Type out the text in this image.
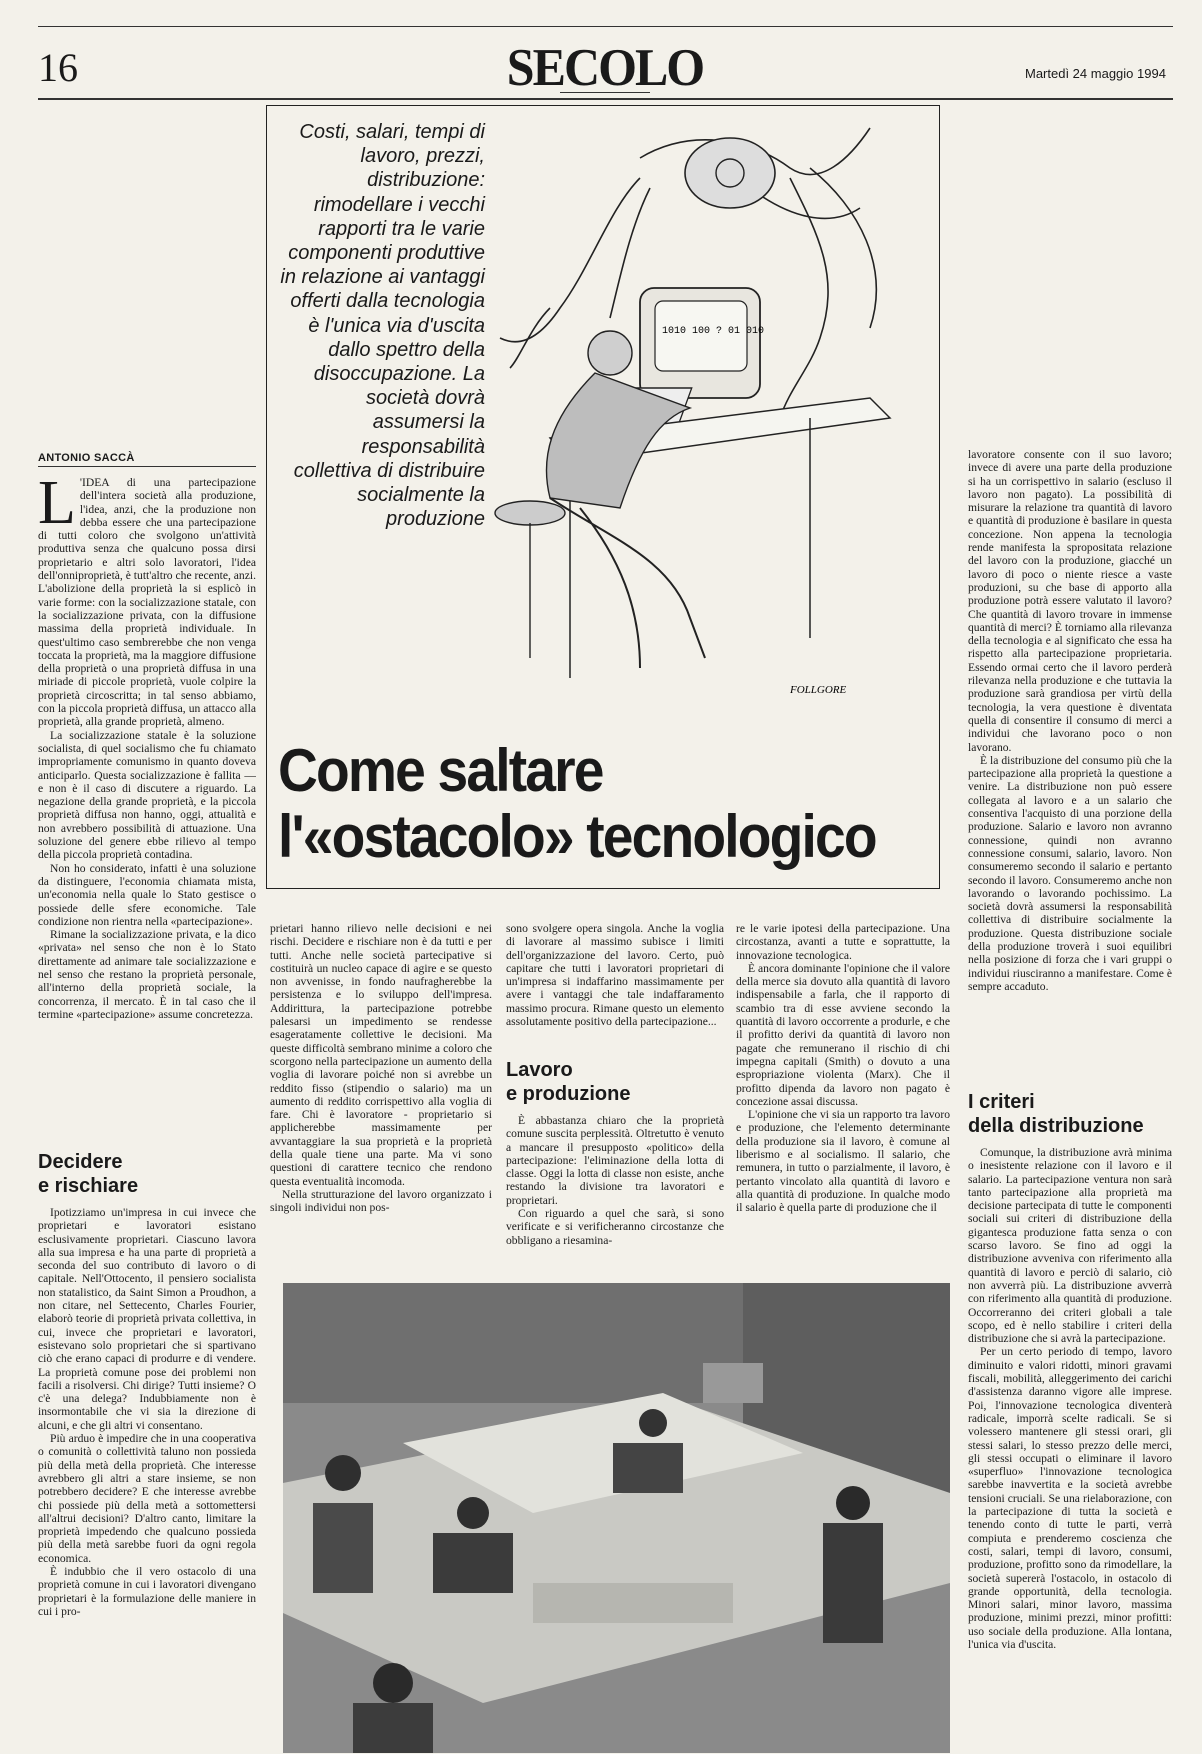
16	SECOLO	Martedì 24 maggio 1994
Costi, salari, tempi di lavoro, prezzi, distribuzione: rimodellare i vecchi rapporti tra le varie componenti produttive in relazione ai vantaggi offerti dalla tecnologia è l'unica via d'uscita dallo spettro della disoccupazione. La società dovrà assumersi la responsabilità collettiva di distribuire socialmente la produzione
1010 100 ? 01 010
FOLLGORE
Come saltare
l'«ostacolo» tecnologico
ANTONIO SACCÀ

L 'IDEA di una partecipazione dell'intera società alla produzione, l'idea, anzi, che la produzione non debba essere che una partecipazione di tutti coloro che svolgono un'attività produttiva senza che qualcuno possa dirsi proprietario e altri solo lavoratori, l'idea dell'onniproprietà, è tutt'altro che recente, anzi. L'abolizione della proprietà la si esplicò in varie forme: con la socializzazione statale, con la socializzazione privata, con la diffusione massima della proprietà individuale. In quest'ultimo caso sembrerebbe che non venga toccata la proprietà, ma la maggiore diffusione della proprietà o una proprietà diffusa in una miriade di piccole proprietà, vuole colpire la proprietà circoscritta; in tal senso abbiamo, con la piccola proprietà diffusa, un attacco alla proprietà, alla grande proprietà, almeno.

La socializzazione statale è la soluzione socialista, di quel socialismo che fu chiamato impropriamente comunismo in quanto doveva anticiparlo. Questa socializzazione è fallita — e non è il caso di discutere a riguardo. La negazione della grande proprietà, e la piccola proprietà diffusa non hanno, oggi, attualità e non avrebbero possibilità di attuazione. Una soluzione del genere ebbe rilievo al tempo della piccola proprietà contadina.

Non ho considerato, infatti è una soluzione da distinguere, l'economia chiamata mista, un'economia nella quale lo Stato gestisce o possiede delle sfere economiche. Tale condizione non rientra nella «partecipazione».

Rimane la socializzazione privata, e la dico «privata» nel senso che non è lo Stato direttamente ad animare tale socializzazione e nel senso che restano la proprietà personale, all'interno della proprietà sociale, la concorrenza, il mercato. È in tal caso che il termine «partecipazione» assume concretezza.

Decidere
e rischiare

Ipotizziamo un'impresa in cui invece che proprietari e lavoratori esistano esclusivamente proprietari. Ciascuno lavora alla sua impresa e ha una parte di proprietà a seconda del suo contributo di lavoro o di capitale. Nell'Ottocento, il pensiero socialista non statalistico, da Saint Simon a Proudhon, a non citare, nel Settecento, Charles Fourier, elaborò teorie di proprietà privata collettiva, in cui, invece che proprietari e lavoratori, esistevano solo proprietari che si spartivano ciò che erano capaci di produrre e di vendere. La proprietà comune pose dei problemi non facili a risolversi. Chi dirige? Tutti insieme? O c'è una delega? Indubbiamente non è insormontabile che vi sia la direzione di alcuni, e che gli altri vi consentano.

Più arduo è impedire che in una cooperativa o comunità o collettività taluno non possieda più della metà della proprietà. Che interesse avrebbero gli altri a stare insieme, se non potrebbero decidere? E che interesse avrebbe chi possiede più della metà a sottomettersi all'altrui decisioni? D'altro canto, limitare la proprietà impedendo che qualcuno possieda più della metà sarebbe fuori da ogni regola economica.

È indubbio che il vero ostacolo di una proprietà comune in cui i lavoratori divengano proprietari è la formulazione delle maniere in cui i pro-

prietari hanno rilievo nelle decisioni e nei rischi. Decidere e rischiare non è da tutti e per tutti. Anche nelle società partecipative si costituirà un nucleo capace di agire e se questo non avvenisse, in fondo naufragherebbe la persistenza e lo sviluppo dell'impresa. Addirittura, la partecipazione potrebbe palesarsi un impedimento se rendesse esageratamente collettive le decisioni. Ma queste difficoltà sembrano minime a coloro che scorgono nella partecipazione un aumento della voglia di lavorare poiché non si avrebbe un reddito fisso (stipendio o salario) ma un aumento di reddito corrispettivo alla voglia di fare. Chi è lavoratore - proprietario si applicherebbe massimamente per avvantaggiare la sua proprietà e la proprietà della quale tiene una parte. Ma vi sono questioni di carattere tecnico che rendono questa eventualità incomoda.

Nella strutturazione del lavoro organizzato i singoli individui non pos-

sono svolgere opera singola. Anche la voglia di lavorare al massimo subisce i limiti dell'organizzazione del lavoro. Certo, può capitare che tutti i lavoratori proprietari di un'impresa si indaffarino massimamente per avere i vantaggi che tale indaffaramento massimo procura. Rimane questo un elemento assolutamente positivo della partecipazione...

Lavoro
e produzione

È abbastanza chiaro che la proprietà comune suscita perplessità. Oltretutto è venuto a mancare il presupposto «politico» della partecipazione: l'eliminazione della lotta di classe. Oggi la lotta di classe non esiste, anche restando la divisione tra lavoratori e proprietari.

Con riguardo a quel che sarà, si sono verificate e si verificheranno circostanze che obbligano a riesamina-

re le varie ipotesi della partecipazione. Una circostanza, avanti a tutte e soprattutte, la innovazione tecnologica.

È ancora dominante l'opinione che il valore della merce sia dovuto alla quantità di lavoro indispensabile a farla, che il rapporto di scambio tra di esse avviene secondo la quantità di lavoro occorrente a produrle, e che il profitto derivi da quantità di lavoro non pagate che remunerano il rischio di chi impegna capitali (Smith) o dovuto a una espropriazione violenta (Marx). Che il profitto dipenda da lavoro non pagato è concezione assai discussa.

L'opinione che vi sia un rapporto tra lavoro e produzione, che l'elemento determinante della produzione sia il lavoro, è comune al liberismo e al socialismo. Il salario, che remunera, in tutto o parzialmente, il lavoro, è pertanto vincolato alla quantità di lavoro e alla quantità di produzione. In qualche modo il salario è quella parte di produzione che il

lavoratore consente con il suo lavoro; invece di avere una parte della produzione si ha un corrispettivo in salario (escluso il lavoro non pagato). La possibilità di misurare la relazione tra quantità di lavoro e quantità di produzione è basilare in questa concezione. Non appena la tecnologia rende manifesta la spropositata relazione del lavoro con la produzione, giacché un lavoro di poco o niente riesce a vaste produzioni, su che base di apporto alla produzione potrà essere valutato il lavoro? Che quantità di lavoro trovare in immense quantità di merci? È torniamo alla rilevanza della tecnologia e al significato che essa ha rispetto alla partecipazione proprietaria. Essendo ormai certo che il lavoro perderà rilevanza nella produzione e che tuttavia la produzione sarà grandiosa per virtù della tecnologia, la vera questione è diventata quella di consentire il consumo di merci a individui che lavorano poco o non lavorano.

È la distribuzione del consumo più che la partecipazione alla proprietà la questione a venire. La distribuzione non può essere collegata al lavoro e a un salario che consentiva l'acquisto di una porzione della produzione. Salario e lavoro non avranno connessione, quindi non avranno connessione consumi, salario, lavoro. Non consumeremo secondo il salario e pertanto secondo il lavoro. Consumeremo anche non lavorando o lavorando pochissimo. La società dovrà assumersi la responsabilità collettiva di distribuire socialmente la produzione. Questa distribuzione sociale della produzione troverà i suoi equilibri nella posizione di forza che i vari gruppi o individui riusciranno a manifestare. Come è sempre accaduto.

I criteri
della distribuzione

Comunque, la distribuzione avrà minima o inesistente relazione con il lavoro e il salario. La partecipazione ventura non sarà tanto partecipazione alla proprietà ma decisione partecipata di tutte le componenti sociali sui criteri di distribuzione della gigantesca produzione fatta senza o con scarso lavoro. Se fino ad oggi la distribuzione avveniva con riferimento alla quantità di lavoro e perciò di salario, ciò non avverrà più. La distribuzione avverrà con riferimento alla quantità di produzione. Occorreranno dei criteri globali a tale scopo, ed è nello stabilire i criteri della distribuzione che si avrà la partecipazione.

Per un certo periodo di tempo, lavoro diminuito e valori ridotti, minori gravami fiscali, mobilità, alleggerimento dei carichi d'assistenza daranno vigore alle imprese. Poi, l'innovazione tecnologica diventerà radicale, imporrà scelte radicali. Se si volessero mantenere gli stessi orari, gli stessi salari, lo stesso prezzo delle merci, gli stessi occupati o eliminare il lavoro «superfluo» l'innovazione tecnologica sarebbe inavvertita e la società avrebbe tensioni cruciali. Se una rielaborazione, con la partecipazione di tutta la società e tenendo conto di tutte le parti, verrà compiuta e prenderemo coscienza che costi, salari, tempi di lavoro, consumi, produzione, profitto sono da rimodellare, la società supererà l'ostacolo, in ostacolo di grande opportunità, della tecnologia. Minori salari, minor lavoro, massima produzione, minimi prezzi, minor profitti: uso sociale della produzione. Alla lontana, l'unica via d'uscita.
